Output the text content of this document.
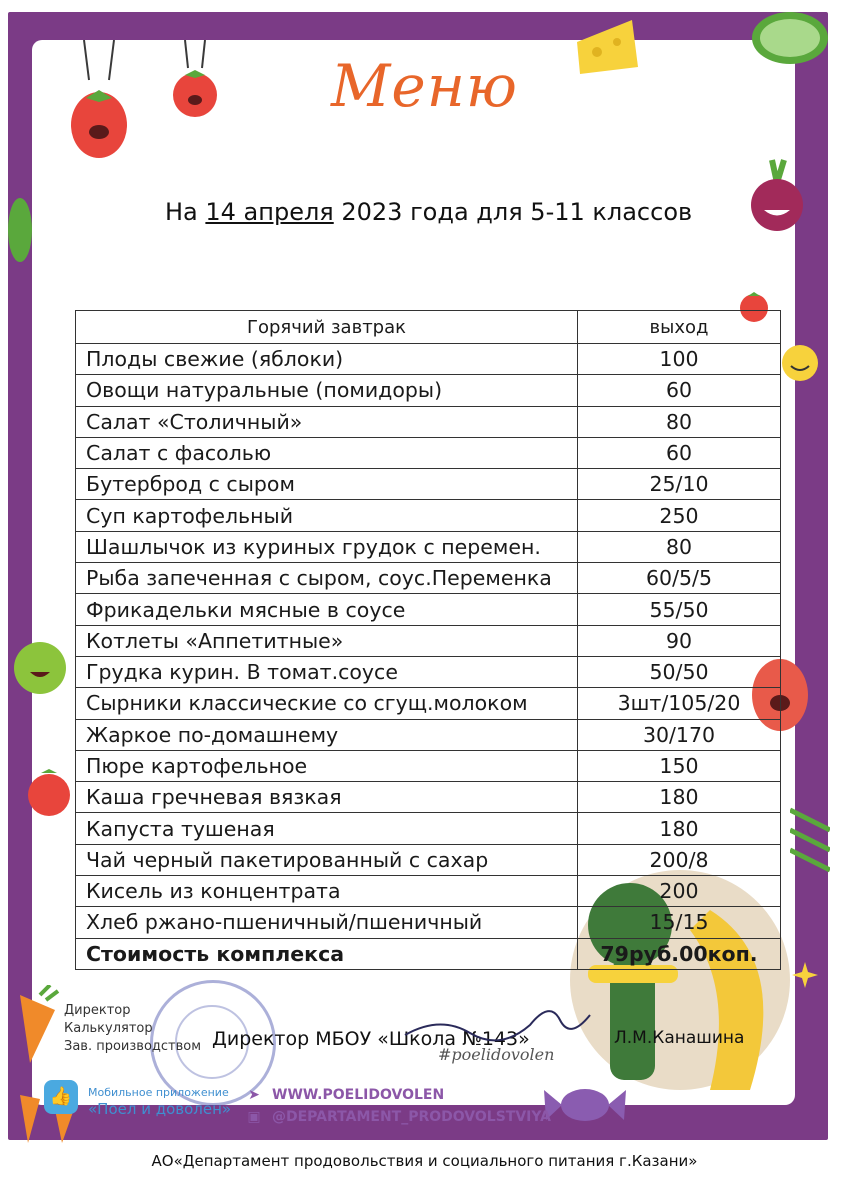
Меню
На 14 апреля 2023 года для 5-11 классов
Горячий завтрак	выход
Плоды свежие (яблоки)	100
Овощи натуральные (помидоры)	60
Салат «Столичный»	80
Салат с фасолью	60
Бутерброд с сыром	25/10
Суп картофельный	250
Шашлычок из куриных грудок с перемен.	80
Рыба запеченная с сыром, соус.Переменка	60/5/5
Фрикадельки мясные в соусе	55/50
Котлеты «Аппетитные»	90
Грудка курин. В томат.соусе	50/50
Сырники классические со сгущ.молоком	3шт/105/20
Жаркое по-домашнему	30/170
Пюре картофельное	150
Каша гречневая вязкая	180
Капуста тушеная	180
Чай черный пакетированный с сахар	200/8
Кисель из концентрата	200
Хлеб ржано-пшеничный/пшеничный	15/15
Стоимость комплекса	79руб.00коп.
Директор
Калькулятор
Зав. производством Директор МБОУ «Школа №143»
#poelidovolen
Л.М.Канашина
👍	Мобильное приложение
«Поел и доволен»
➤ WWW.POELIDOVOLEN
▣ @DEPARTAMENT_PRODOVOLSTVIYA
АО«Департамент продовольствия и социального питания г.Казани»
